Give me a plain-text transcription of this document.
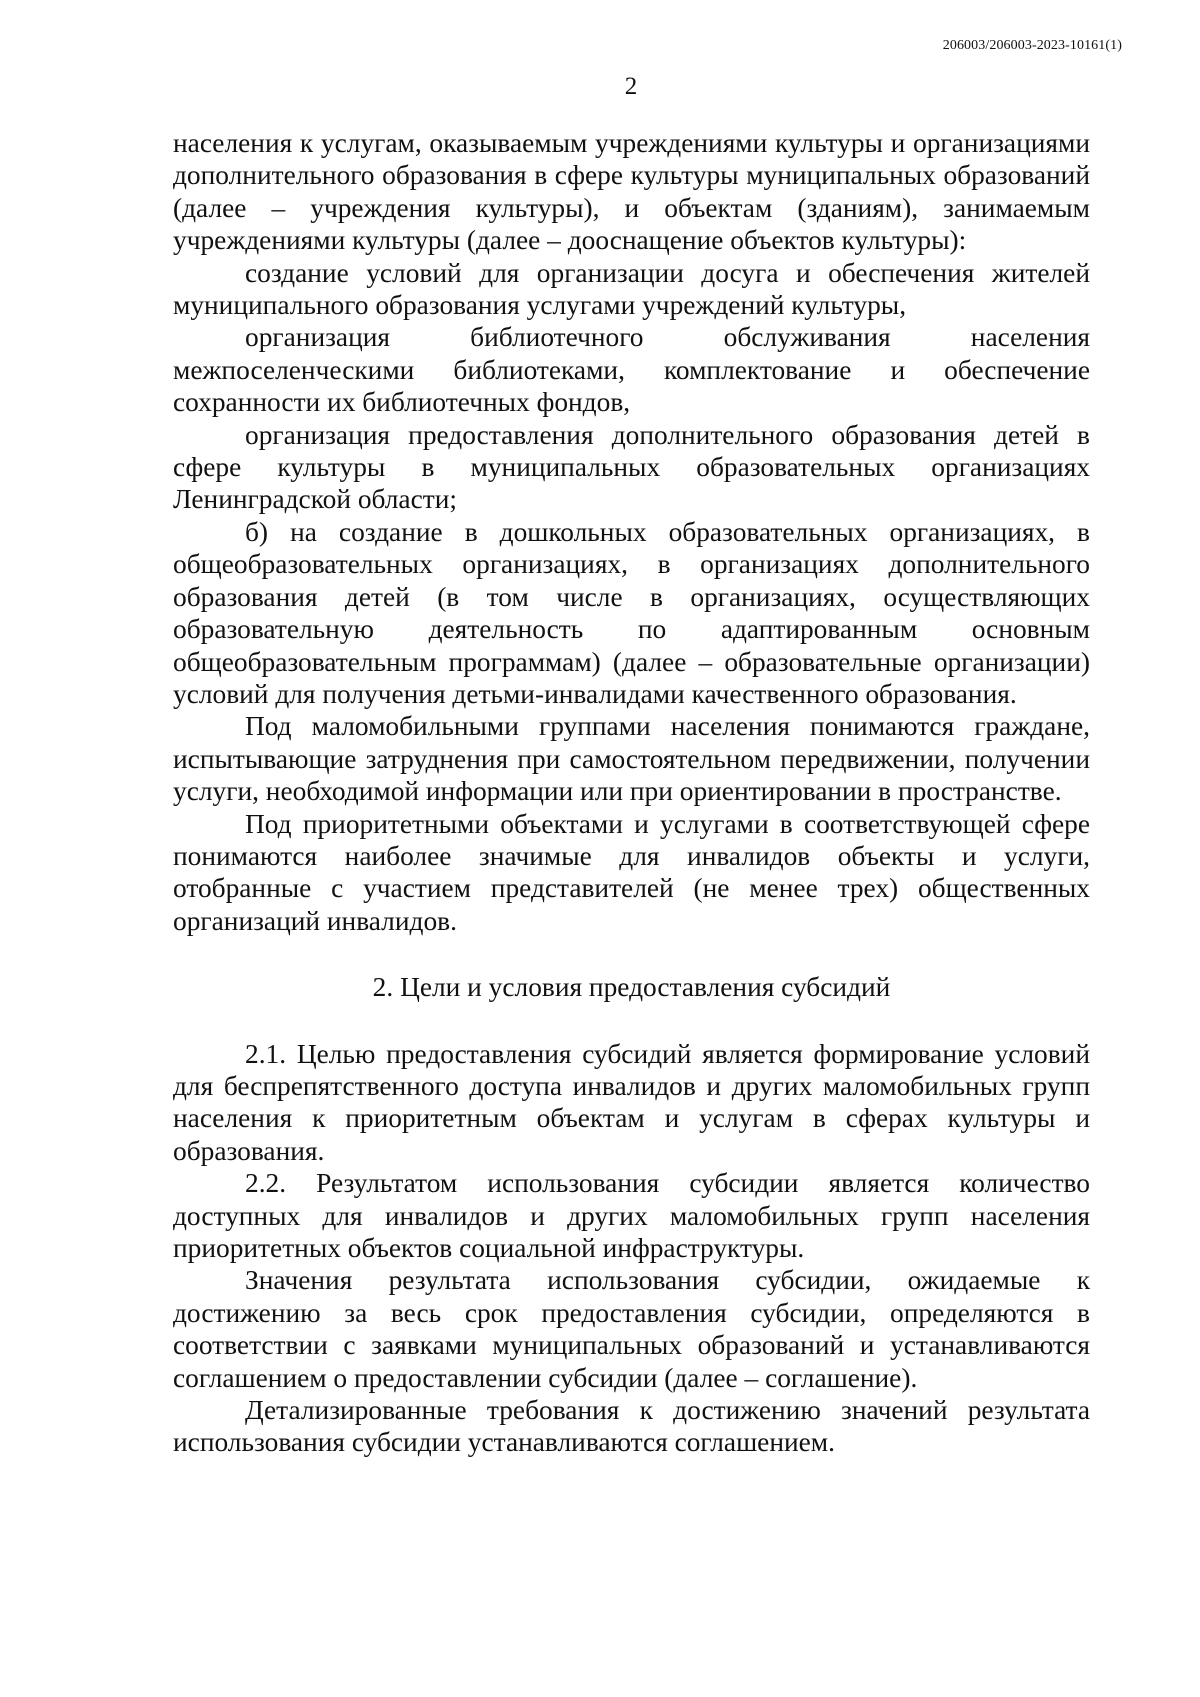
206003/206003-2023-10161(1)
2

населения к услугам, оказываемым учреждениями культуры и организациями дополнительного образования в сфере культуры муниципальных образований (далее – учреждения культуры), и объектам (зданиям), занимаемым учреждениями культуры (далее – дооснащение объектов культуры):

создание условий для организации досуга и обеспечения жителей муниципального образования услугами учреждений культуры,

организация библиотечного обслуживания населения межпоселенческими библиотеками, комплектование и обеспечение сохранности их библиотечных фондов,

организация предоставления дополнительного образования детей в сфере культуры в муниципальных образовательных организациях Ленинградской области;

б) на создание в дошкольных образовательных организациях, в общеобразовательных организациях, в организациях дополнительного образования детей (в том числе в организациях, осуществляющих образовательную деятельность по адаптированным основным общеобразовательным программам) (далее – образовательные организации) условий для получения детьми-инвалидами качественного образования.

Под маломобильными группами населения понимаются граждане, испытывающие затруднения при самостоятельном передвижении, получении услуги, необходимой информации или при ориентировании в пространстве.

Под приоритетными объектами и услугами в соответствующей сфере понимаются наиболее значимые для инвалидов объекты и услуги, отобранные с участием представителей (не менее трех) общественных организаций инвалидов.

2. Цели и условия предоставления субсидий

2.1. Целью предоставления субсидий является формирование условий для беспрепятственного доступа инвалидов и других маломобильных групп населения к приоритетным объектам и услугам в сферах культуры и образования.

2.2. Результатом использования субсидии является количество доступных для инвалидов и других маломобильных групп населения приоритетных объектов социальной инфраструктуры.

Значения результата использования субсидии, ожидаемые к достижению за весь срок предоставления субсидии, определяются в соответствии с заявками муниципальных образований и устанавливаются соглашением о предоставлении субсидии (далее – соглашение).

Детализированные требования к достижению значений результата использования субсидии устанавливаются соглашением.
